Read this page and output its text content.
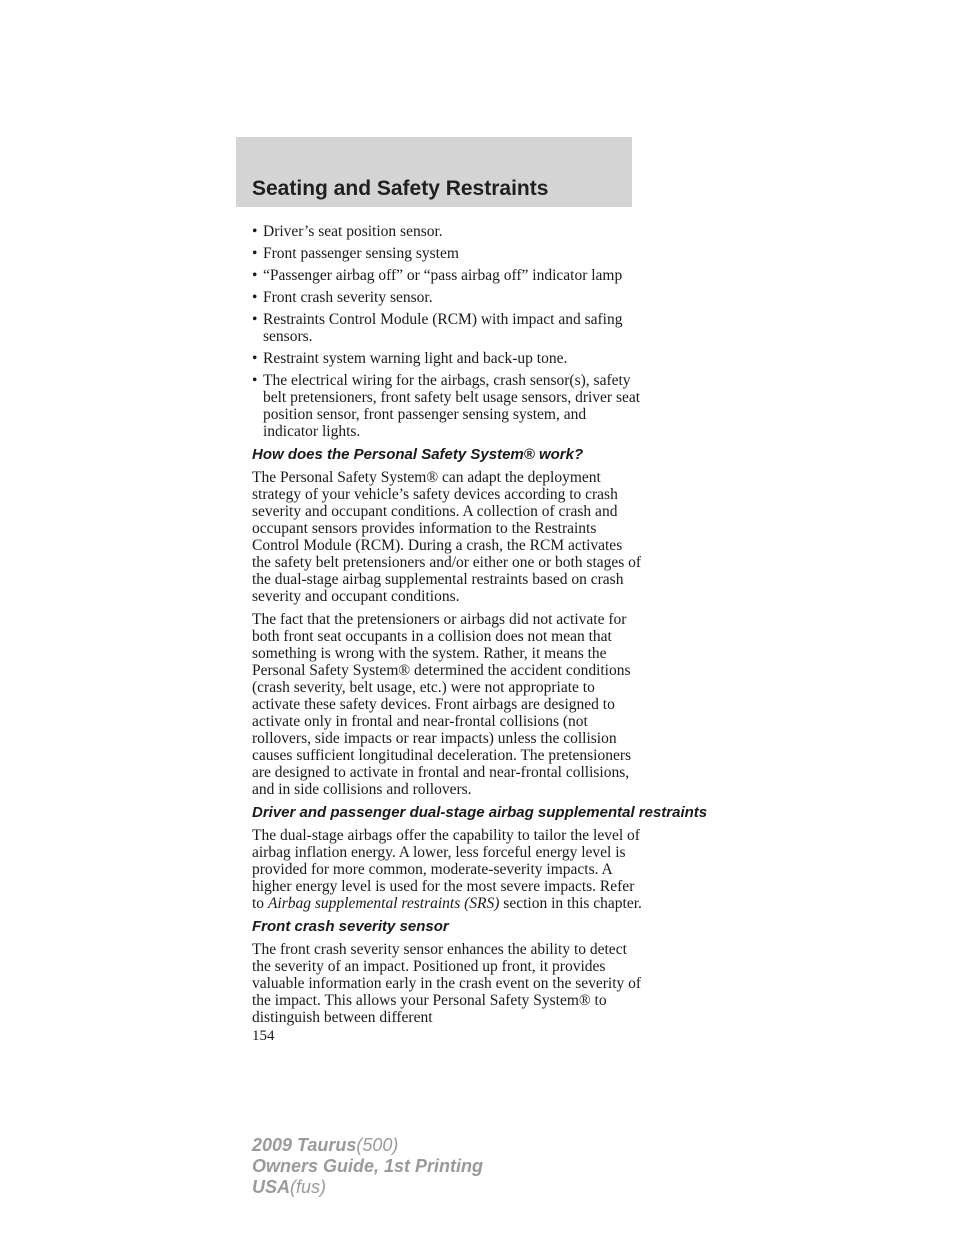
Seating and Safety Restraints
• Driver’s seat position sensor.
• Front passenger sensing system
• “Passenger airbag off” or “pass airbag off” indicator lamp
• Front crash severity sensor.
• Restraints Control Module (RCM) with impact and safing sensors.
• Restraint system warning light and back-up tone.
• The electrical wiring for the airbags, crash sensor(s), safety belt pretensioners, front safety belt usage sensors, driver seat position sensor, front passenger sensing system, and indicator lights.
How does the Personal Safety System® work?

The Personal Safety System® can adapt the deployment strategy of your vehicle’s safety devices according to crash severity and occupant conditions. A collection of crash and occupant sensors provides information to the Restraints Control Module (RCM). During a crash, the RCM activates the safety belt pretensioners and/or either one or both stages of the dual-stage airbag supplemental restraints based on crash severity and occupant conditions.

The fact that the pretensioners or airbags did not activate for both front seat occupants in a collision does not mean that something is wrong with the system. Rather, it means the Personal Safety System® determined the accident conditions (crash severity, belt usage, etc.) were not appropriate to activate these safety devices. Front airbags are designed to activate only in frontal and near-frontal collisions (not rollovers, side impacts or rear impacts) unless the collision causes sufficient longitudinal deceleration. The pretensioners are designed to activate in frontal and near-frontal collisions, and in side collisions and rollovers.

Driver and passenger dual-stage airbag supplemental restraints

The dual-stage airbags offer the capability to tailor the level of airbag inflation energy. A lower, less forceful energy level is provided for more common, moderate-severity impacts. A higher energy level is used for the most severe impacts. Refer to Airbag supplemental restraints (SRS) section in this chapter.

Front crash severity sensor

The front crash severity sensor enhances the ability to detect the severity of an impact. Positioned up front, it provides valuable information early in the crash event on the severity of the impact. This allows your Personal Safety System® to distinguish between different

154

2009 Taurus(500)
Owners Guide, 1st Printing
USA(fus)
